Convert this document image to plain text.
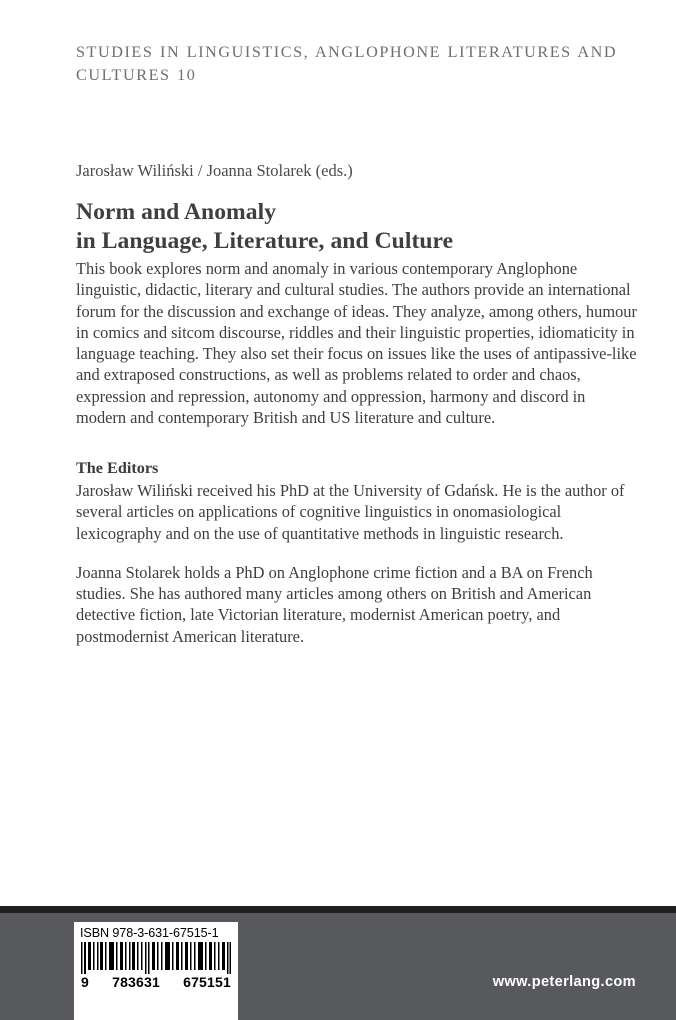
STUDIES IN LINGUISTICS, ANGLOPHONE LITERATURES AND CULTURES 10
Jarosław Wiliński / Joanna Stolarek (eds.)
Norm and Anomaly
in Language, Literature, and Culture
This book explores norm and anomaly in various contemporary Anglophone linguistic, didactic, literary and cultural studies. The authors provide an international forum for the discussion and exchange of ideas. They analyze, among others, humour in comics and sitcom discourse, riddles and their linguistic properties, idiomaticity in language teaching. They also set their focus on issues like the uses of antipassive-like and extraposed constructions, as well as problems related to order and chaos, expression and repression, autonomy and oppression, harmony and discord in modern and contemporary British and US literature and culture.
The Editors
Jarosław Wiliński received his PhD at the University of Gdańsk. He is the author of several articles on applications of cognitive linguistics in onomasiological lexicography and on the use of quantitative methods in linguistic research.
Joanna Stolarek holds a PhD on Anglophone crime fiction and a BA on French studies. She has authored many articles among others on British and American detective fiction, late Victorian literature, modernist American poetry, and postmodernist American literature.
www.peterlang.com
ISBN 978-3-631-67515-1
9 783631 675151
